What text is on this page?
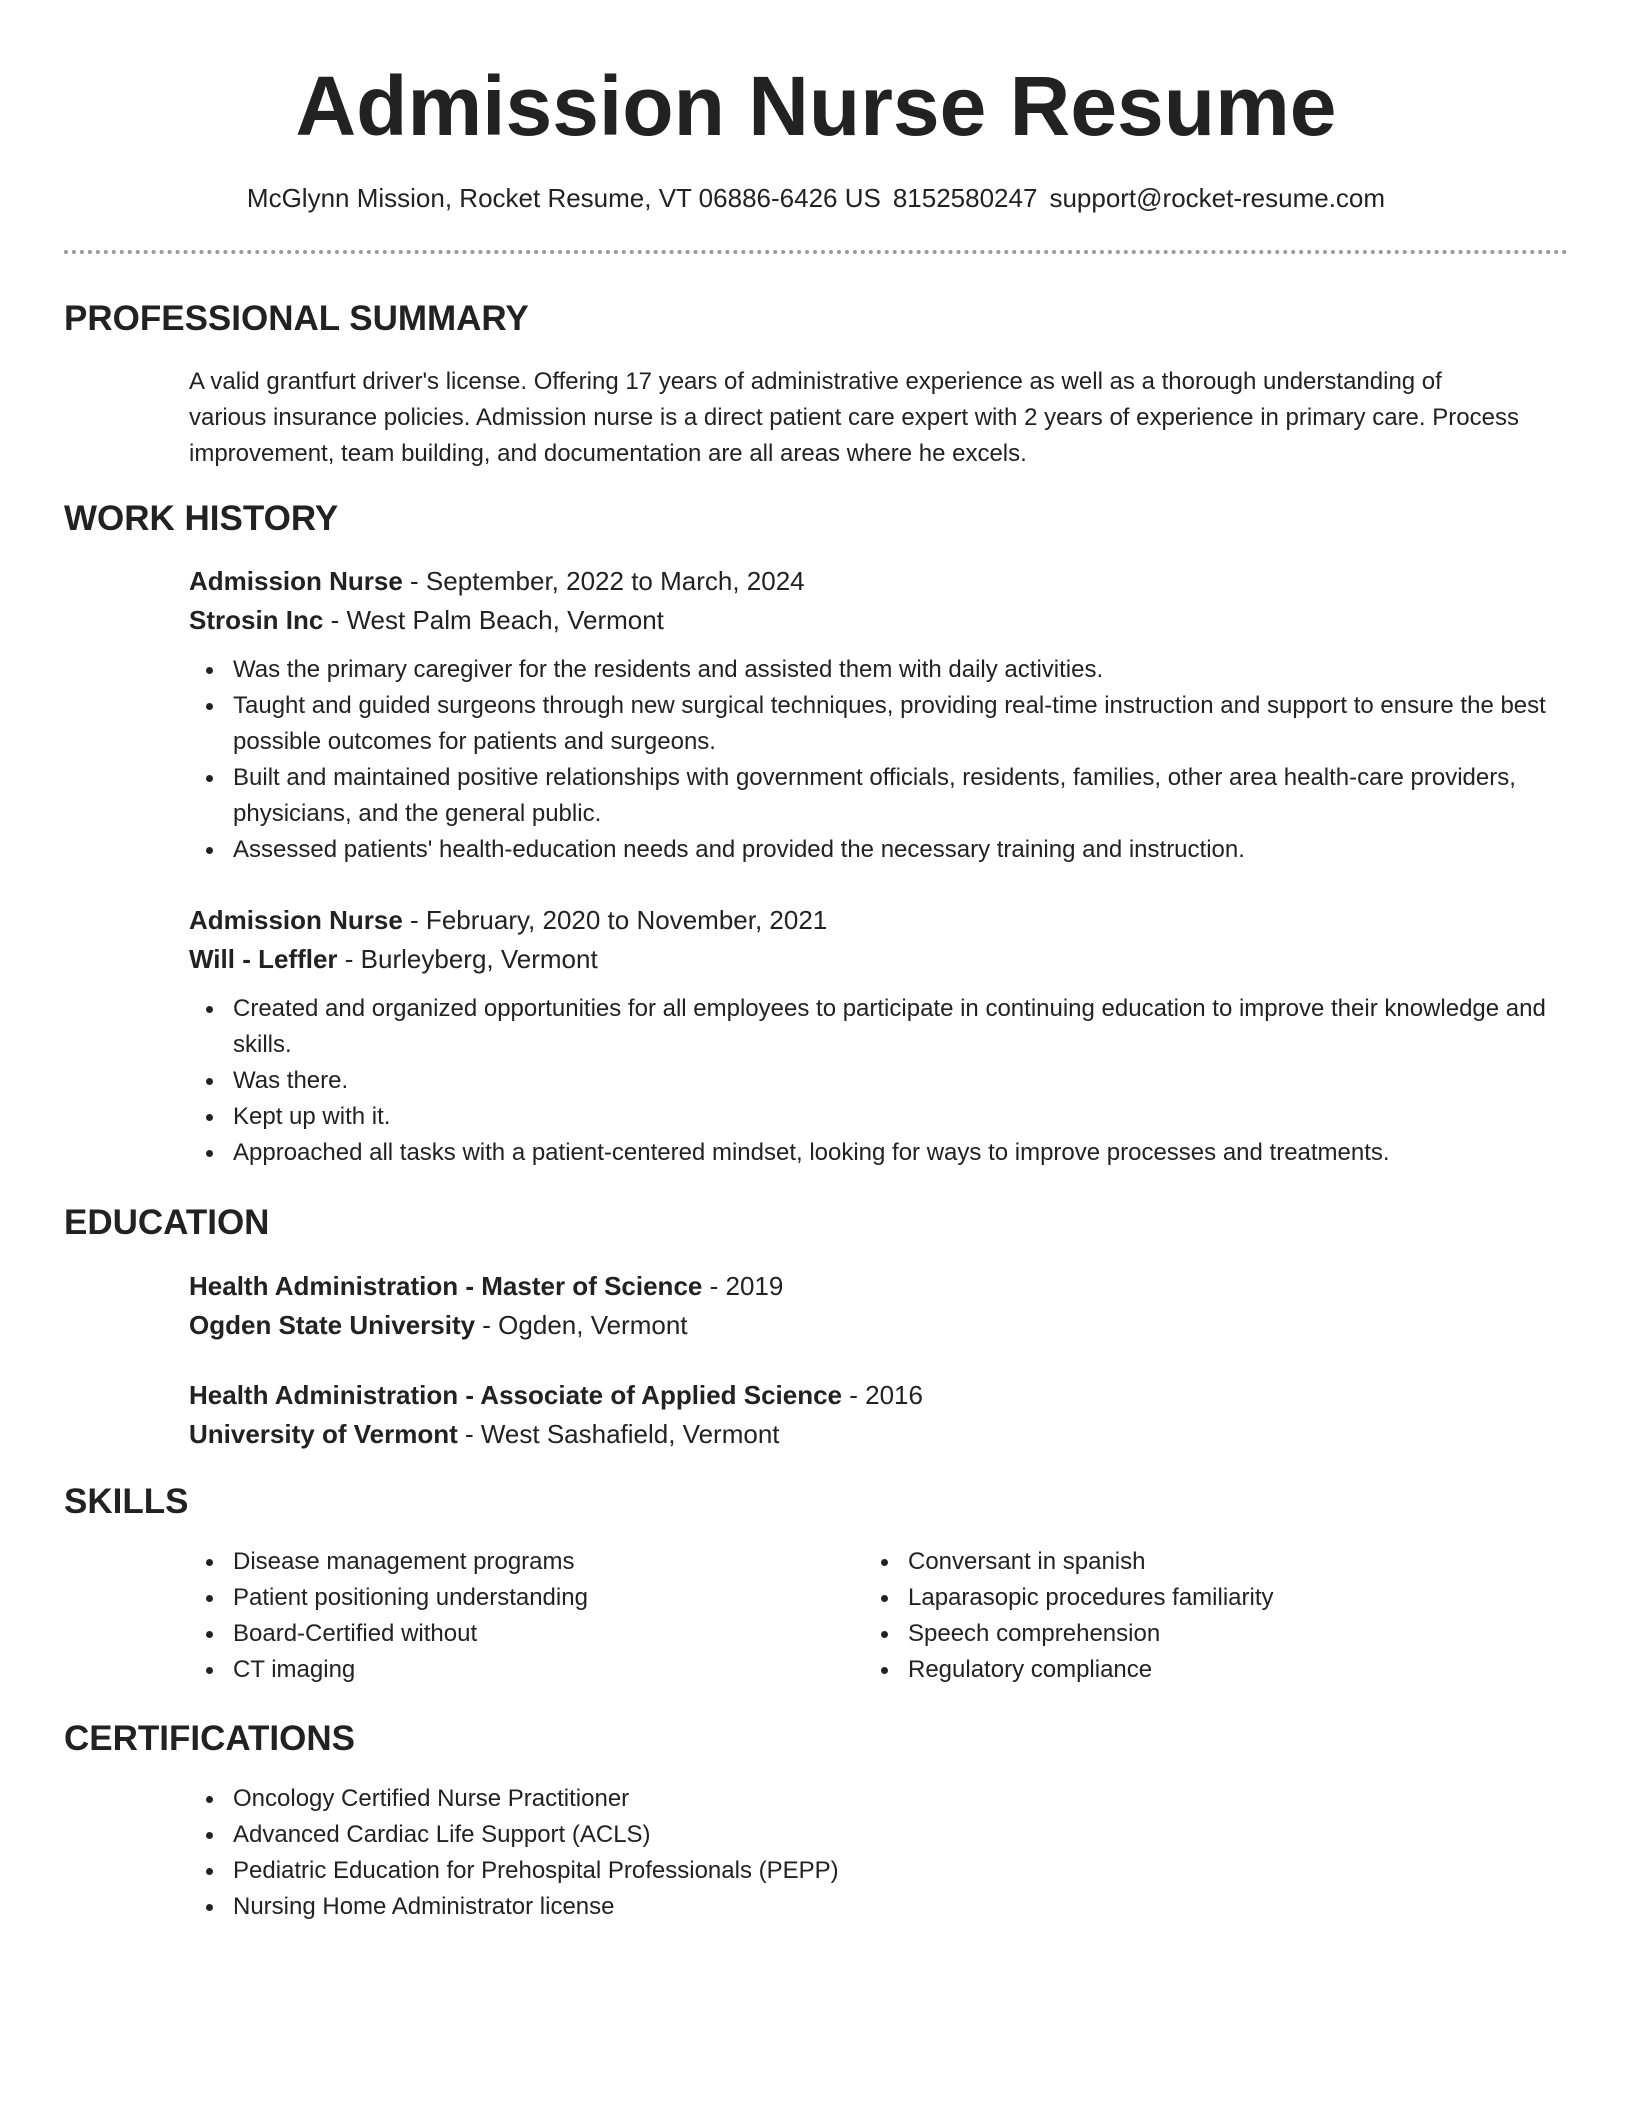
Admission Nurse Resume
McGlynn Mission, Rocket Resume, VT 06886-6426 US 8152580247 support@rocket-resume.com
PROFESSIONAL SUMMARY
A valid grantfurt driver's license. Offering 17 years of administrative experience as well as a thorough understanding of various insurance policies. Admission nurse is a direct patient care expert with 2 years of experience in primary care. Process improvement, team building, and documentation are all areas where he excels.
WORK HISTORY
Admission Nurse - September, 2022 to March, 2024
Strosin Inc - West Palm Beach, Vermont
Was the primary caregiver for the residents and assisted them with daily activities.
Taught and guided surgeons through new surgical techniques, providing real-time instruction and support to ensure the best possible outcomes for patients and surgeons.
Built and maintained positive relationships with government officials, residents, families, other area health-care providers, physicians, and the general public.
Assessed patients' health-education needs and provided the necessary training and instruction.
Admission Nurse - February, 2020 to November, 2021
Will - Leffler - Burleyberg, Vermont
Created and organized opportunities for all employees to participate in continuing education to improve their knowledge and skills.
Was there.
Kept up with it.
Approached all tasks with a patient-centered mindset, looking for ways to improve processes and treatments.
EDUCATION
Health Administration - Master of Science - 2019
Ogden State University - Ogden, Vermont
Health Administration - Associate of Applied Science - 2016
University of Vermont - West Sashafield, Vermont
SKILLS
Disease management programs
Patient positioning understanding
Board-Certified without
CT imaging
Conversant in spanish
Laparasopic procedures familiarity
Speech comprehension
Regulatory compliance
CERTIFICATIONS
Oncology Certified Nurse Practitioner
Advanced Cardiac Life Support (ACLS)
Pediatric Education for Prehospital Professionals (PEPP)
Nursing Home Administrator license
